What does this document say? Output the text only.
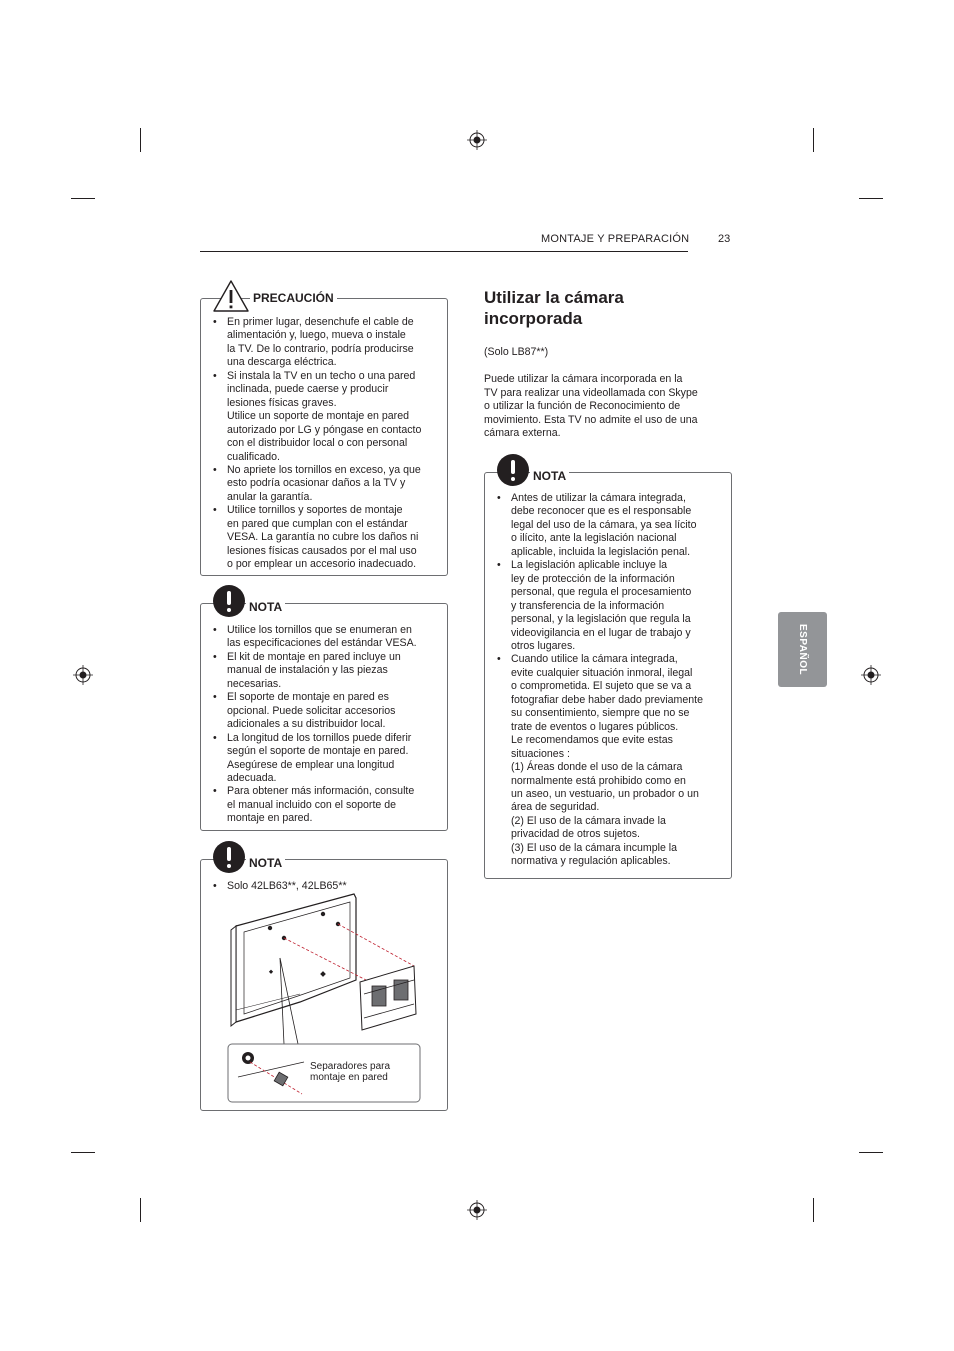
MONTAJE Y PREPARACIÓN	23
ESPAÑOL
PRECAUCIÓN
• En primer lugar, desenchufe el cable de
alimentación y, luego, mueva o instale
la TV. De lo contrario, podría producirse
una descarga eléctrica.
• Si instala la TV en un techo o una pared
inclinada, puede caerse y producir
lesiones físicas graves.
Utilice un soporte de montaje en pared
autorizado por LG y póngase en contacto
con el distribuidor local o con personal
cualificado.
• No apriete los tornillos en exceso, ya que
esto podría ocasionar daños a la TV y
anular la garantía.
• Utilice tornillos y soportes de montaje
en pared que cumplan con el estándar
VESA. La garantía no cubre los daños ni
lesiones físicas causados por el mal uso
o por emplear un accesorio inadecuado.
NOTA
• Utilice los tornillos que se enumeran en
las especificaciones del estándar VESA.
• El kit de montaje en pared incluye un
manual de instalación y las piezas
necesarias.
• El soporte de montaje en pared es
opcional. Puede solicitar accesorios
adicionales a su distribuidor local.
• La longitud de los tornillos puede diferir
según el soporte de montaje en pared.
Asegúrese de emplear una longitud
adecuada.
• Para obtener más información, consulte
el manual incluido con el soporte de
montaje en pared.
NOTA
• Solo 42LB63**, 42LB65**
Separadores para
montaje en pared
Utilizar la cámara
incorporada
(Solo LB87**)
Puede utilizar la cámara incorporada en la
TV para realizar una videollamada con Skype
o utilizar la función de Reconocimiento de
movimiento. Esta TV no admite el uso de una
cámara externa.
NOTA
• Antes de utilizar la cámara integrada,
debe reconocer que es el responsable
legal del uso de la cámara, ya sea lícito
o ilícito, ante la legislación nacional
aplicable, incluida la legislación penal.
• La legislación aplicable incluye la
ley de protección de la información
personal, que regula el procesamiento
y transferencia de la información
personal, y la legislación que regula la
videovigilancia en el lugar de trabajo y
otros lugares.
• Cuando utilice la cámara integrada,
evite cualquier situación inmoral, ilegal
o comprometida. El sujeto que se va a
fotografiar debe haber dado previamente
su consentimiento, siempre que no se
trate de eventos o lugares públicos.
Le recomendamos que evite estas
situaciones :
(1) Áreas donde el uso de la cámara
normalmente está prohibido como en
un aseo, un vestuario, un probador o un
área de seguridad.
(2) El uso de la cámara invade la
privacidad de otros sujetos.
(3) El uso de la cámara incumple la
normativa y regulación aplicables.
